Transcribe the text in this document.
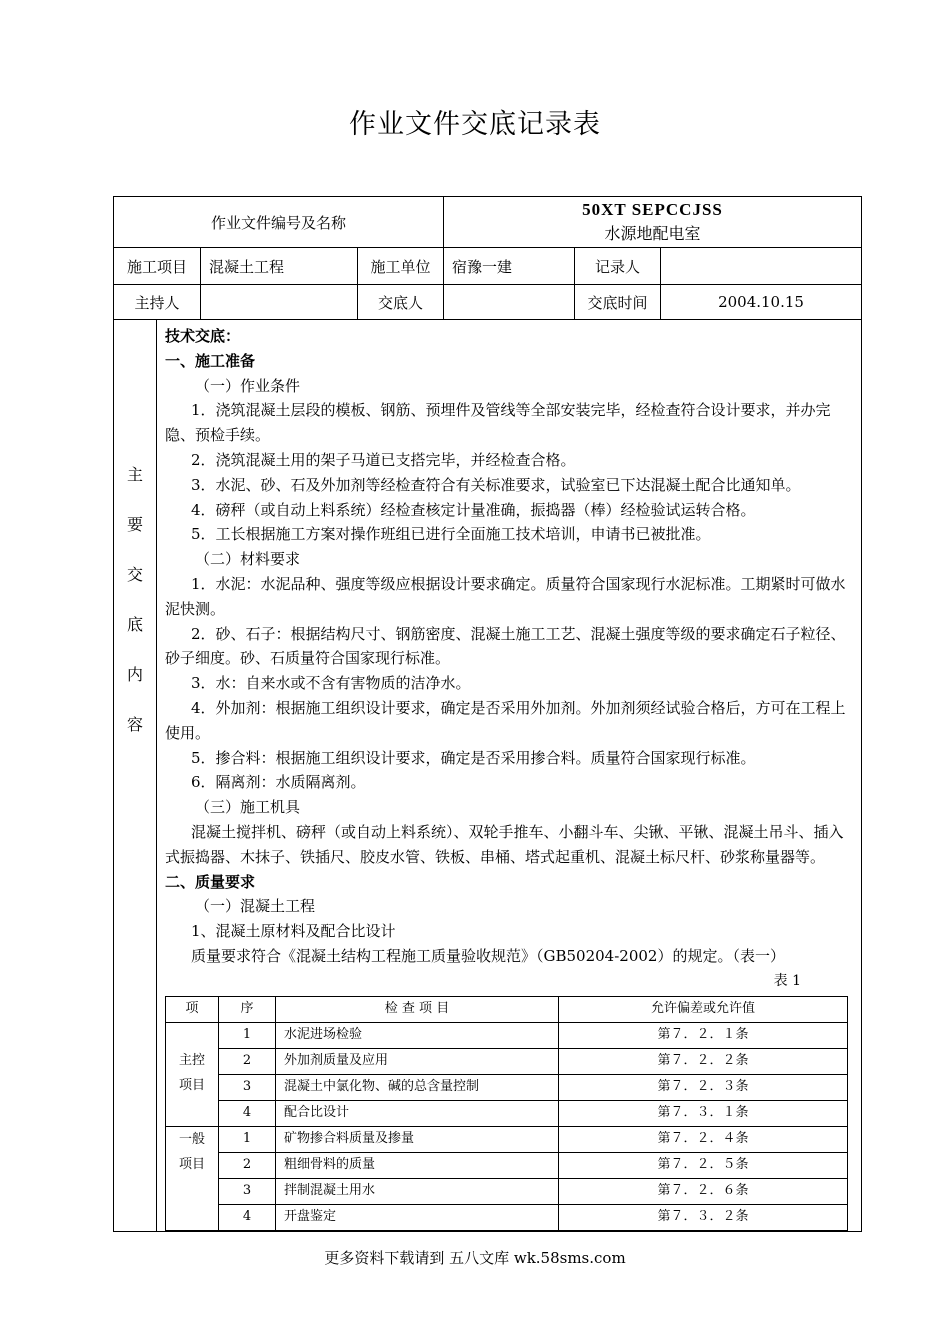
作业文件交底记录表
作业文件编号及名称	
50XT SEPCCJSS
水源地配电室

施工项目	混凝土工程	施工单位	宿豫一建	记录人	
主持人		交底人		交底时间	2004.10.15

主
要
交
底
内
容

技术交底：

一、施工准备

（一）作业条件

1．浇筑混凝土层段的模板、钢筋、预埋件及管线等全部安装完毕，经检查符合设计要求，并办完隐、预检手续。

2．浇筑混凝土用的架子马道已支搭完毕，并经检查合格。

3．水泥、砂、石及外加剂等经检查符合有关标准要求，试验室已下达混凝土配合比通知单。

4．磅秤（或自动上料系统）经检查核定计量准确，振捣器（棒）经检验试运转合格。

5．工长根据施工方案对操作班组已进行全面施工技术培训，申请书已被批准。

（二）材料要求

1．水泥：水泥品种、强度等级应根据设计要求确定。质量符合国家现行水泥标准。工期紧时可做水泥快测。

2．砂、石子：根据结构尺寸、钢筋密度、混凝土施工工艺、混凝土强度等级的要求确定石子粒径、砂子细度。砂、石质量符合国家现行标准。

3．水：自来水或不含有害物质的洁净水。

4．外加剂：根据施工组织设计要求，确定是否采用外加剂。外加剂须经试验合格后，方可在工程上使用。

5．掺合料：根据施工组织设计要求，确定是否采用掺合料。质量符合国家现行标准。

6．隔离剂：水质隔离剂。

（三）施工机具

混凝土搅拌机、磅秤（或自动上料系统）、双轮手推车、小翻斗车、尖锹、平锹、混凝土吊斗、插入式振捣器、木抹子、铁插尺、胶皮水管、铁板、串桶、塔式起重机、混凝土标尺杆、砂浆称量器等。

二、质量要求

（一）混凝土工程

1、混凝土原材料及配合比设计

质量要求符合《混凝土结构工程施工质量验收规范》（GB50204-2002）的规定。（表一）

表 1

项	序	检 查 项 目	允许偏差或允许值

主控
项目
	1	水泥进场检验	第７．２．１条
2	外加剂质量及应用	第７．２．２条
3	混凝土中氯化物、碱的总含量控制	第７．２．３条
4	配合比设计	第７．３．１条

一般
项目
	1	矿物掺合料质量及掺量	第７．２．４条
2	粗细骨料的质量	第７．２．５条
3	拌制混凝土用水	第７．２．６条
4	开盘鉴定	第７．３．２条
更多资料下载请到 五八文库 wk.58sms.com
